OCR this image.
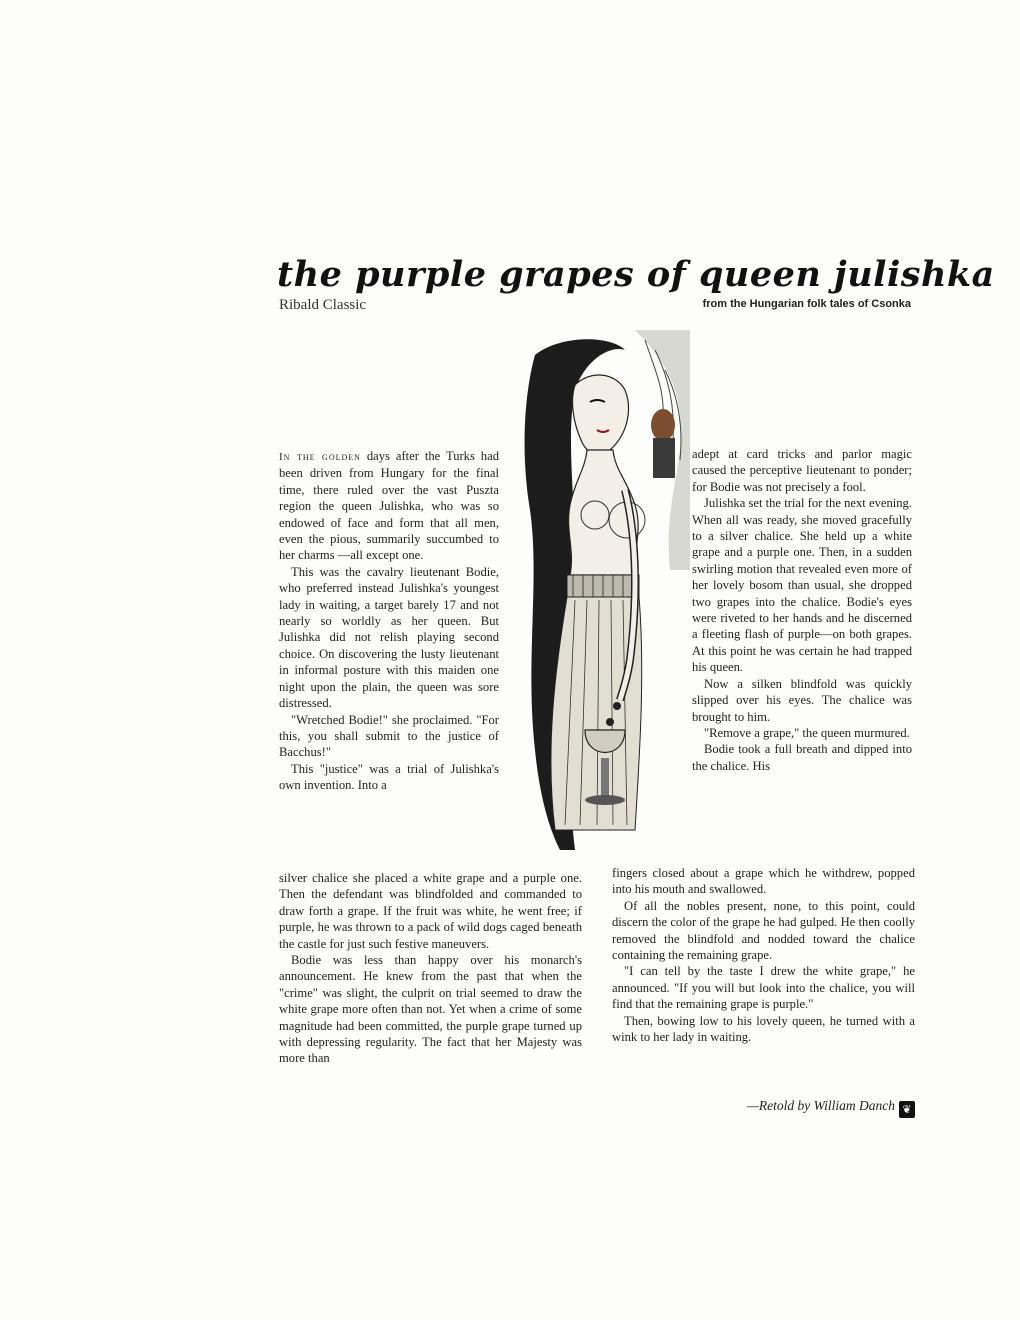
the purple grapes of queen julishka
Ribald Classic	from the Hungarian folk tales of Csonka

In the golden days after the Turks had been driven from Hungary for the final time, there ruled over the vast Puszta region the queen Julishka, who was so endowed of face and form that all men, even the pious, summarily succumbed to her charms —all except one.

This was the cavalry lieutenant Bodie, who preferred instead Julishka's youngest lady in waiting, a target barely 17 and not nearly so worldly as her queen. But Julishka did not relish playing second choice. On discovering the lusty lieutenant in informal posture with this maiden one night upon the plain, the queen was sore distressed.

"Wretched Bodie!" she proclaimed. "For this, you shall submit to the justice of Bacchus!"

This "justice" was a trial of Julishka's own invention. Into a

silver chalice she placed a white grape and a purple one. Then the defendant was blindfolded and commanded to draw forth a grape. If the fruit was white, he went free; if purple, he was thrown to a pack of wild dogs caged beneath the castle for just such festive maneuvers.

Bodie was less than happy over his monarch's announcement. He knew from the past that when the "crime" was slight, the culprit on trial seemed to draw the white grape more often than not. Yet when a crime of some magnitude had been committed, the purple grape turned up with depressing regularity. The fact that her Majesty was more than

adept at card tricks and parlor magic caused the perceptive lieutenant to ponder; for Bodie was not precisely a fool.

Julishka set the trial for the next evening. When all was ready, she moved gracefully to a silver chalice. She held up a white grape and a purple one. Then, in a sudden swirling motion that revealed even more of her lovely bosom than usual, she dropped two grapes into the chalice. Bodie's eyes were riveted to her hands and he discerned a fleeting flash of purple—on both grapes. At this point he was certain he had trapped his queen.

Now a silken blindfold was quickly slipped over his eyes. The chalice was brought to him.

"Remove a grape," the queen murmured.

Bodie took a full breath and dipped into the chalice. His

fingers closed about a grape which he withdrew, popped into his mouth and swallowed.

Of all the nobles present, none, to this point, could discern the color of the grape he had gulped. He then coolly removed the blindfold and nodded toward the chalice containing the remaining grape.

"I can tell by the taste I drew the white grape," he announced. "If you will but look into the chalice, you will find that the remaining grape is purple."

Then, bowing low to his lovely queen, he turned with a wink to her lady in waiting.

—Retold by William Danch ❦
